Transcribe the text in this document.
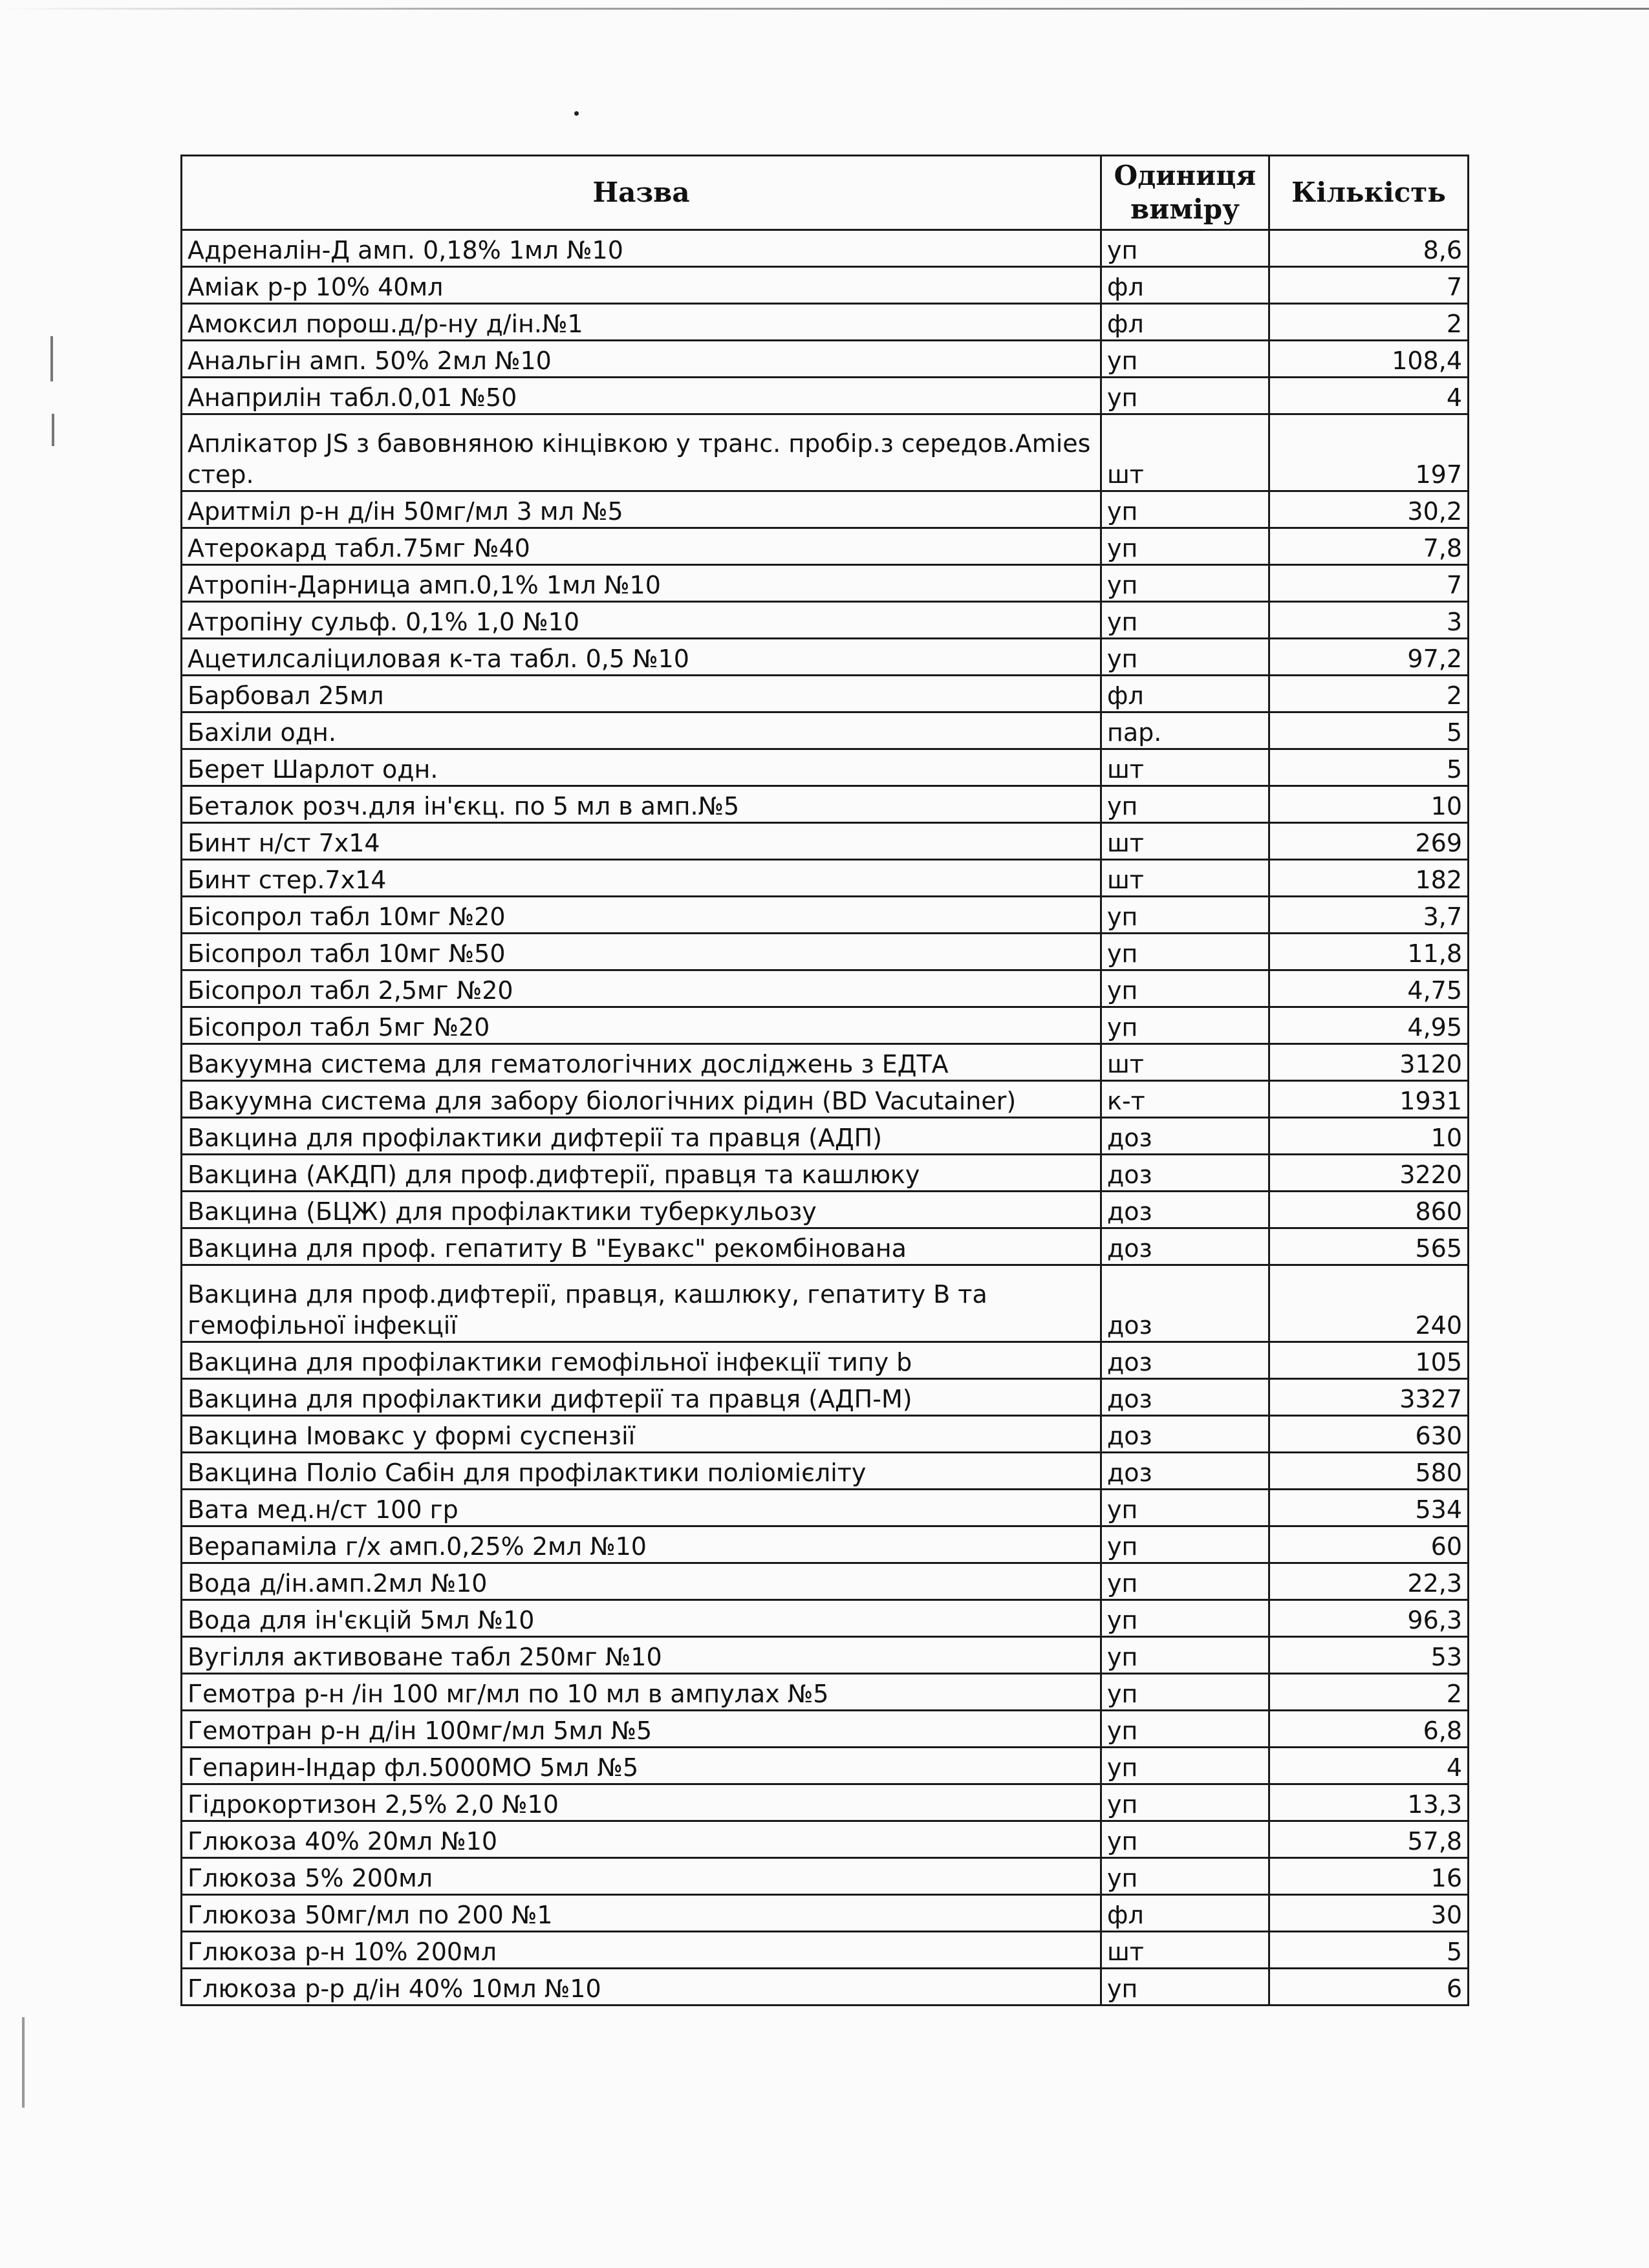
Назва	Одиниця виміру	Кількість
Адреналін-Д амп. 0,18% 1мл №10	уп	8,6
Аміак р-р 10% 40мл	фл	7
Амоксил порош.д/р-ну д/ін.№1	фл	2
Анальгін амп. 50% 2мл №10	уп	108,4
Анаприлін табл.0,01 №50	уп	4
Аплікатор JS з бавовняною кінцівкою у транс. пробір.з середов.Amies стер.	шт	197
Аритміл р-н д/ін 50мг/мл 3 мл №5	уп	30,2
Атерокард табл.75мг №40	уп	7,8
Атропін-Дарница амп.0,1% 1мл №10	уп	7
Атропіну сульф. 0,1% 1,0 №10	уп	3
Ацетилсаліциловая к-та табл. 0,5 №10	уп	97,2
Барбовал 25мл	фл	2
Бахіли одн.	пар.	5
Берет Шарлот одн.	шт	5
Беталок розч.для ін'єкц. по 5 мл в амп.№5	уп	10
Бинт н/ст 7х14	шт	269
Бинт стер.7х14	шт	182
Бісопрол табл 10мг №20	уп	3,7
Бісопрол табл 10мг №50	уп	11,8
Бісопрол табл 2,5мг №20	уп	4,75
Бісопрол табл 5мг №20	уп	4,95
Вакуумна система для гематологічних досліджень з ЕДТА	шт	3120
Вакуумна система для забору біологічних рідин (BD Vacutainer)	к-т	1931
Вакцина для профілактики дифтерії та правця (АДП)	доз	10
Вакцина (АКДП) для проф.дифтерії, правця та кашлюку	доз	3220
Вакцина (БЦЖ) для профілактики туберкульозу	доз	860
Вакцина для проф. гепатиту В "Еувакс" рекомбінована	доз	565
Вакцина для проф.дифтерії, правця, кашлюку, гепатиту В та гемофільної інфекції	доз	240
Вакцина для профілактики гемофільної інфекції типу b	доз	105
Вакцина для профілактики дифтерії та правця (АДП-М)	доз	3327
Вакцина Імовакс у формі суспензії	доз	630
Вакцина Поліо Сабін для профілактики поліомієліту	доз	580
Вата мед.н/ст 100 гр	уп	534
Верапаміла г/х амп.0,25% 2мл №10	уп	60
Вода д/ін.амп.2мл №10	уп	22,3
Вода для ін'єкцій 5мл №10	уп	96,3
Вугілля активоване табл 250мг №10	уп	53
Гемотра р-н /ін 100 мг/мл по 10 мл в ампулах №5	уп	2
Гемотран р-н д/ін 100мг/мл 5мл №5	уп	6,8
Гепарин-Індар фл.5000МО 5мл №5	уп	4
Гідрокортизон 2,5% 2,0 №10	уп	13,3
Глюкоза 40% 20мл №10	уп	57,8
Глюкоза 5% 200мл	уп	16
Глюкоза 50мг/мл по 200 №1	фл	30
Глюкоза р-н 10% 200мл	шт	5
Глюкоза р-р д/ін 40% 10мл №10	уп	6
